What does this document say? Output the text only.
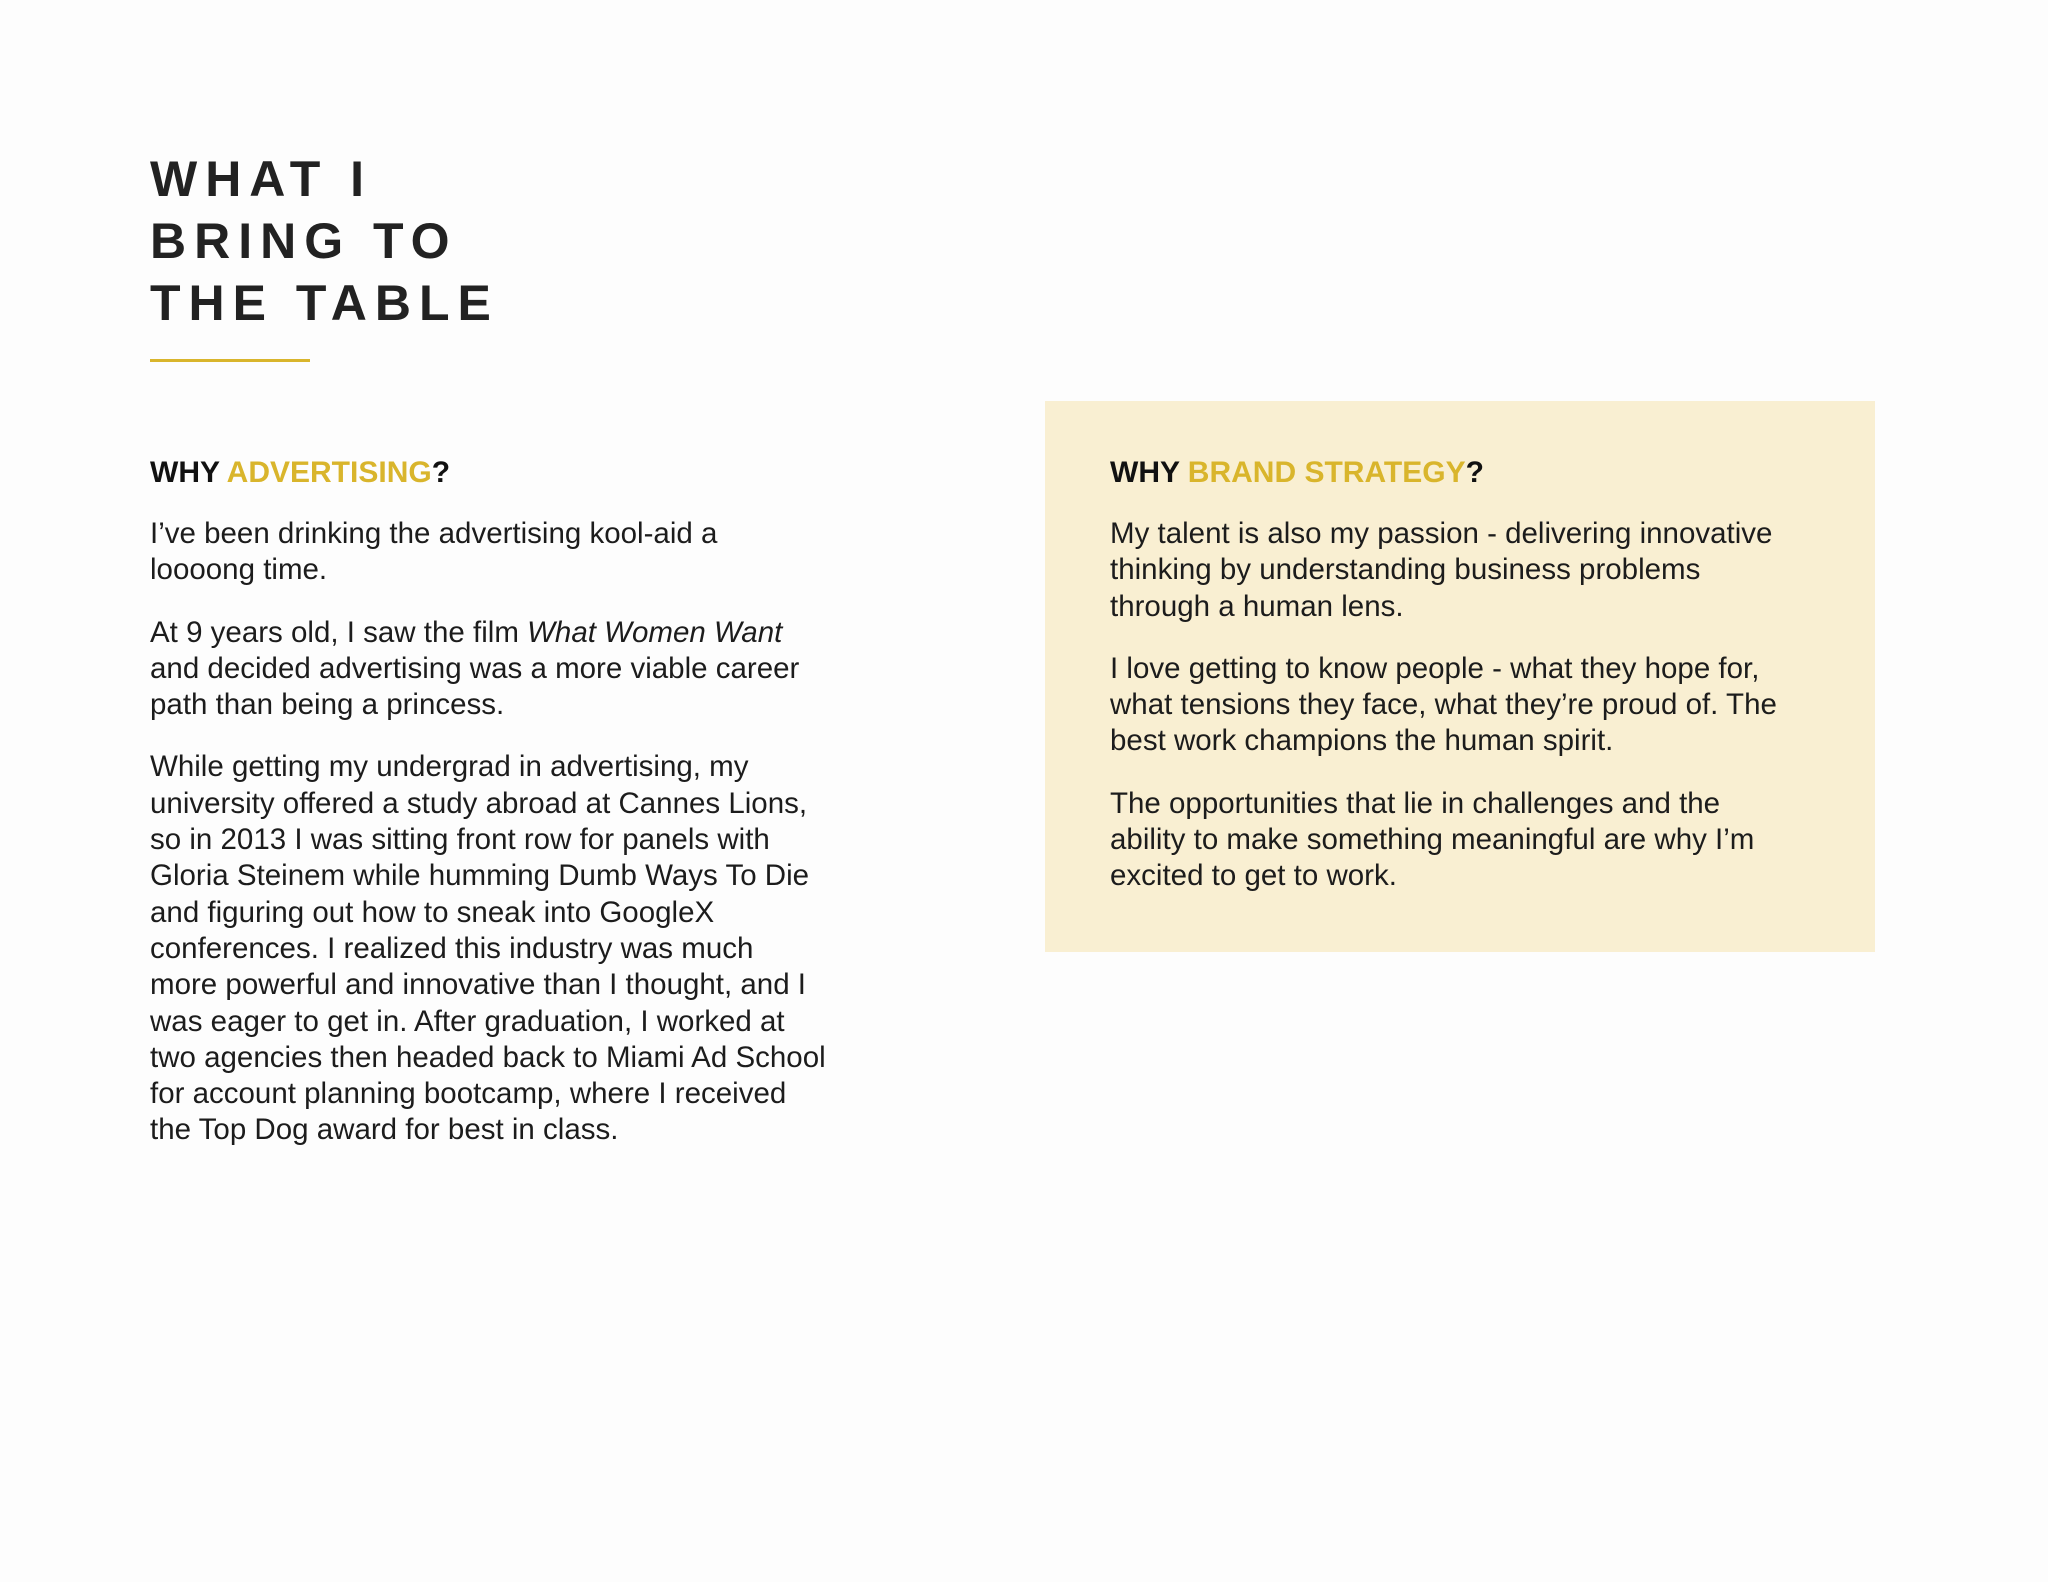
WHAT I
BRING TO
THE TABLE
WHY ADVERTISING?

I’ve been drinking the advertising kool-aid a
loooong time.

At 9 years old, I saw the film What Women Want
and decided advertising was a more viable career
path than being a princess.

While getting my undergrad in advertising, my
university offered a study abroad at Cannes Lions,
so in 2013 I was sitting front row for panels with
Gloria Steinem while humming Dumb Ways To Die
and figuring out how to sneak into GoogleX
conferences. I realized this industry was much
more powerful and innovative than I thought, and I
was eager to get in. After graduation, I worked at
two agencies then headed back to Miami Ad School
for account planning bootcamp, where I received
the Top Dog award for best in class.

WHY BRAND STRATEGY?

My talent is also my passion - delivering innovative
thinking by understanding business problems
through a human lens.

I love getting to know people - what they hope for,
what tensions they face, what they’re proud of. The
best work champions the human spirit.

The opportunities that lie in challenges and the
ability to make something meaningful are why I’m
excited to get to work.
